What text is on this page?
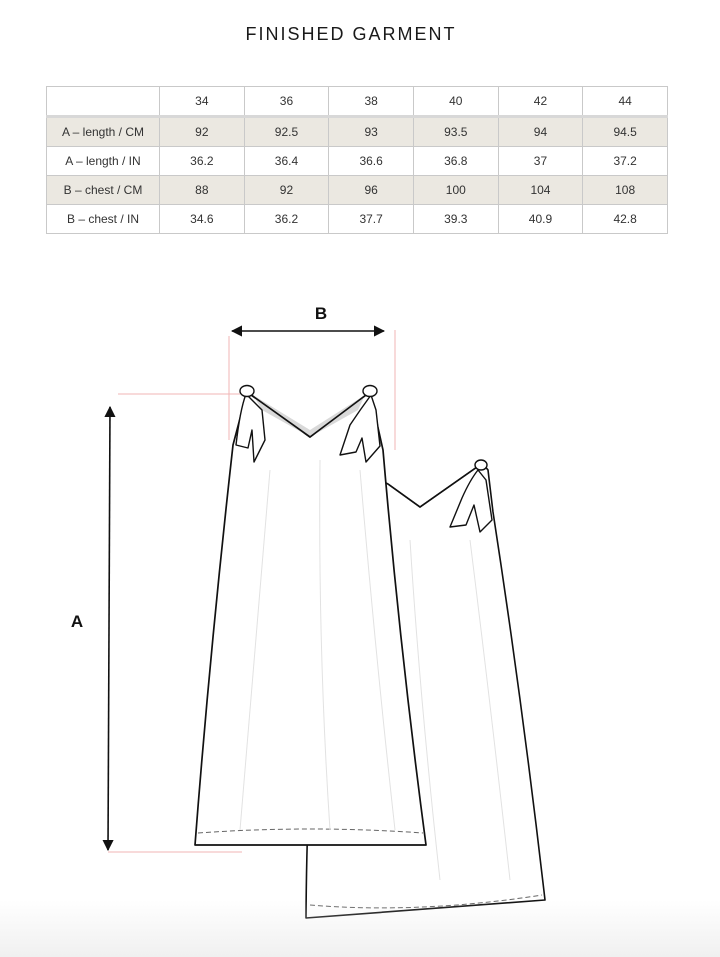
FINISHED GARMENT
	34	36	38	40	42	44
A – length / CM	92	92.5	93	93.5	94	94.5
A – length / IN	36.2	36.4	36.6	36.8	37	37.2
B – chest / CM	88	92	96	100	104	108
B – chest / IN	34.6	36.2	37.7	39.3	40.9	42.8
B
A
